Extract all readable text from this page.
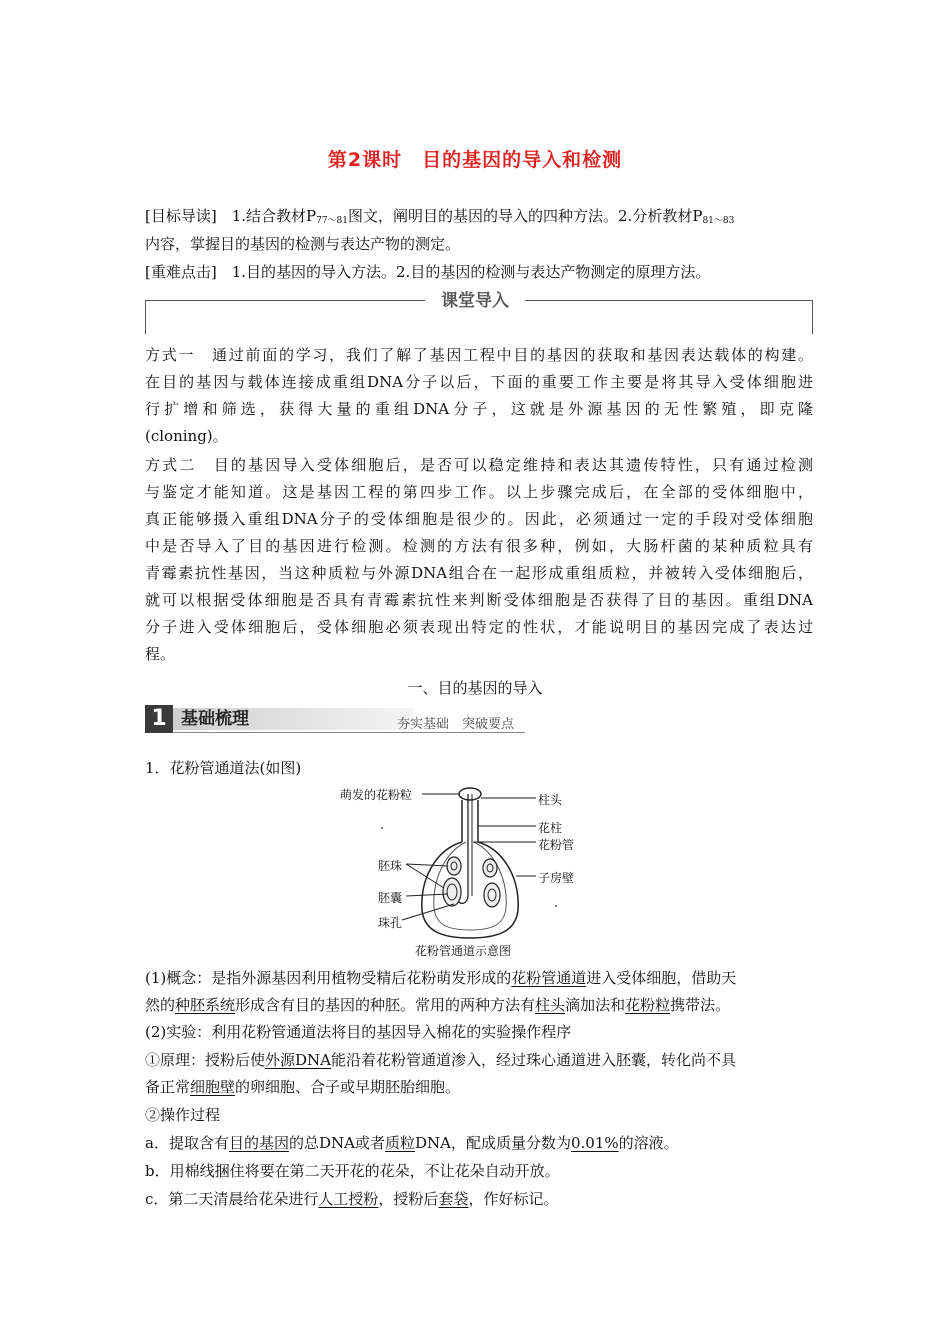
第2课时　目的基因的导入和检测
[目标导读]　1.结合教材$P_{77\sim 81}$图文，阐明目的基因的导入的四种方法。2.分析教材$P_{81\sim 83}$
内容，掌握目的基因的检测与表达产物的测定。
[重难点击]　1.目的基因的导入方法。2.目的基因的检测与表达产物测定的原理方法。
课堂导入
方式一　通过前面的学习，我们了解了基因工程中目的基因的获取和基因表达载体的构建。
在目的基因与载体连接成重组DNA分子以后，下面的重要工作主要是将其导入受体细胞进
行扩增和筛选，获得大量的重组DNA分子，这就是外源基因的无性繁殖，即克隆
(cloning)。
方式二　目的基因导入受体细胞后，是否可以稳定维持和表达其遗传特性，只有通过检测
与鉴定才能知道。这是基因工程的第四步工作。以上步骤完成后，在全部的受体细胞中，
真正能够摄入重组DNA分子的受体细胞是很少的。因此，必须通过一定的手段对受体细胞
中是否导入了目的基因进行检测。检测的方法有很多种，例如，大肠杆菌的某种质粒具有
青霉素抗性基因，当这种质粒与外源DNA组合在一起形成重组质粒，并被转入受体细胞后，
就可以根据受体细胞是否具有青霉素抗性来判断受体细胞是否获得了目的基因。重组DNA
分子进入受体细胞后，受体细胞必须表现出特定的性状，才能说明目的基因完成了表达过
程。
一、目的基因的导入
1 基础梳理	夯实基础　突破要点
1．花粉管通道法(如图)
萌发的花粉粒	柱头
花柱
花粉管
胚珠
子房壁
胚囊
珠孔
花粉管通道示意图
(1)概念：是指外源基因利用植物受精后花粉萌发形成的花粉管通道进入受体细胞，借助天
然的种胚系统形成含有目的基因的种胚。常用的两种方法有柱头滴加法和花粉粒携带法。
(2)实验：利用花粉管通道法将目的基因导入棉花的实验操作程序
①原理：授粉后使外源DNA能沿着花粉管通道渗入，经过珠心通道进入胚囊，转化尚不具
备正常细胞壁的卵细胞、合子或早期胚胎细胞。
②操作过程
a．提取含有目的基因的总DNA或者质粒DNA，配成质量分数为0.01%的溶液。
b．用棉线捆住将要在第二天开花的花朵，不让花朵自动开放。
c．第二天清晨给花朵进行人工授粉，授粉后套袋，作好标记。
